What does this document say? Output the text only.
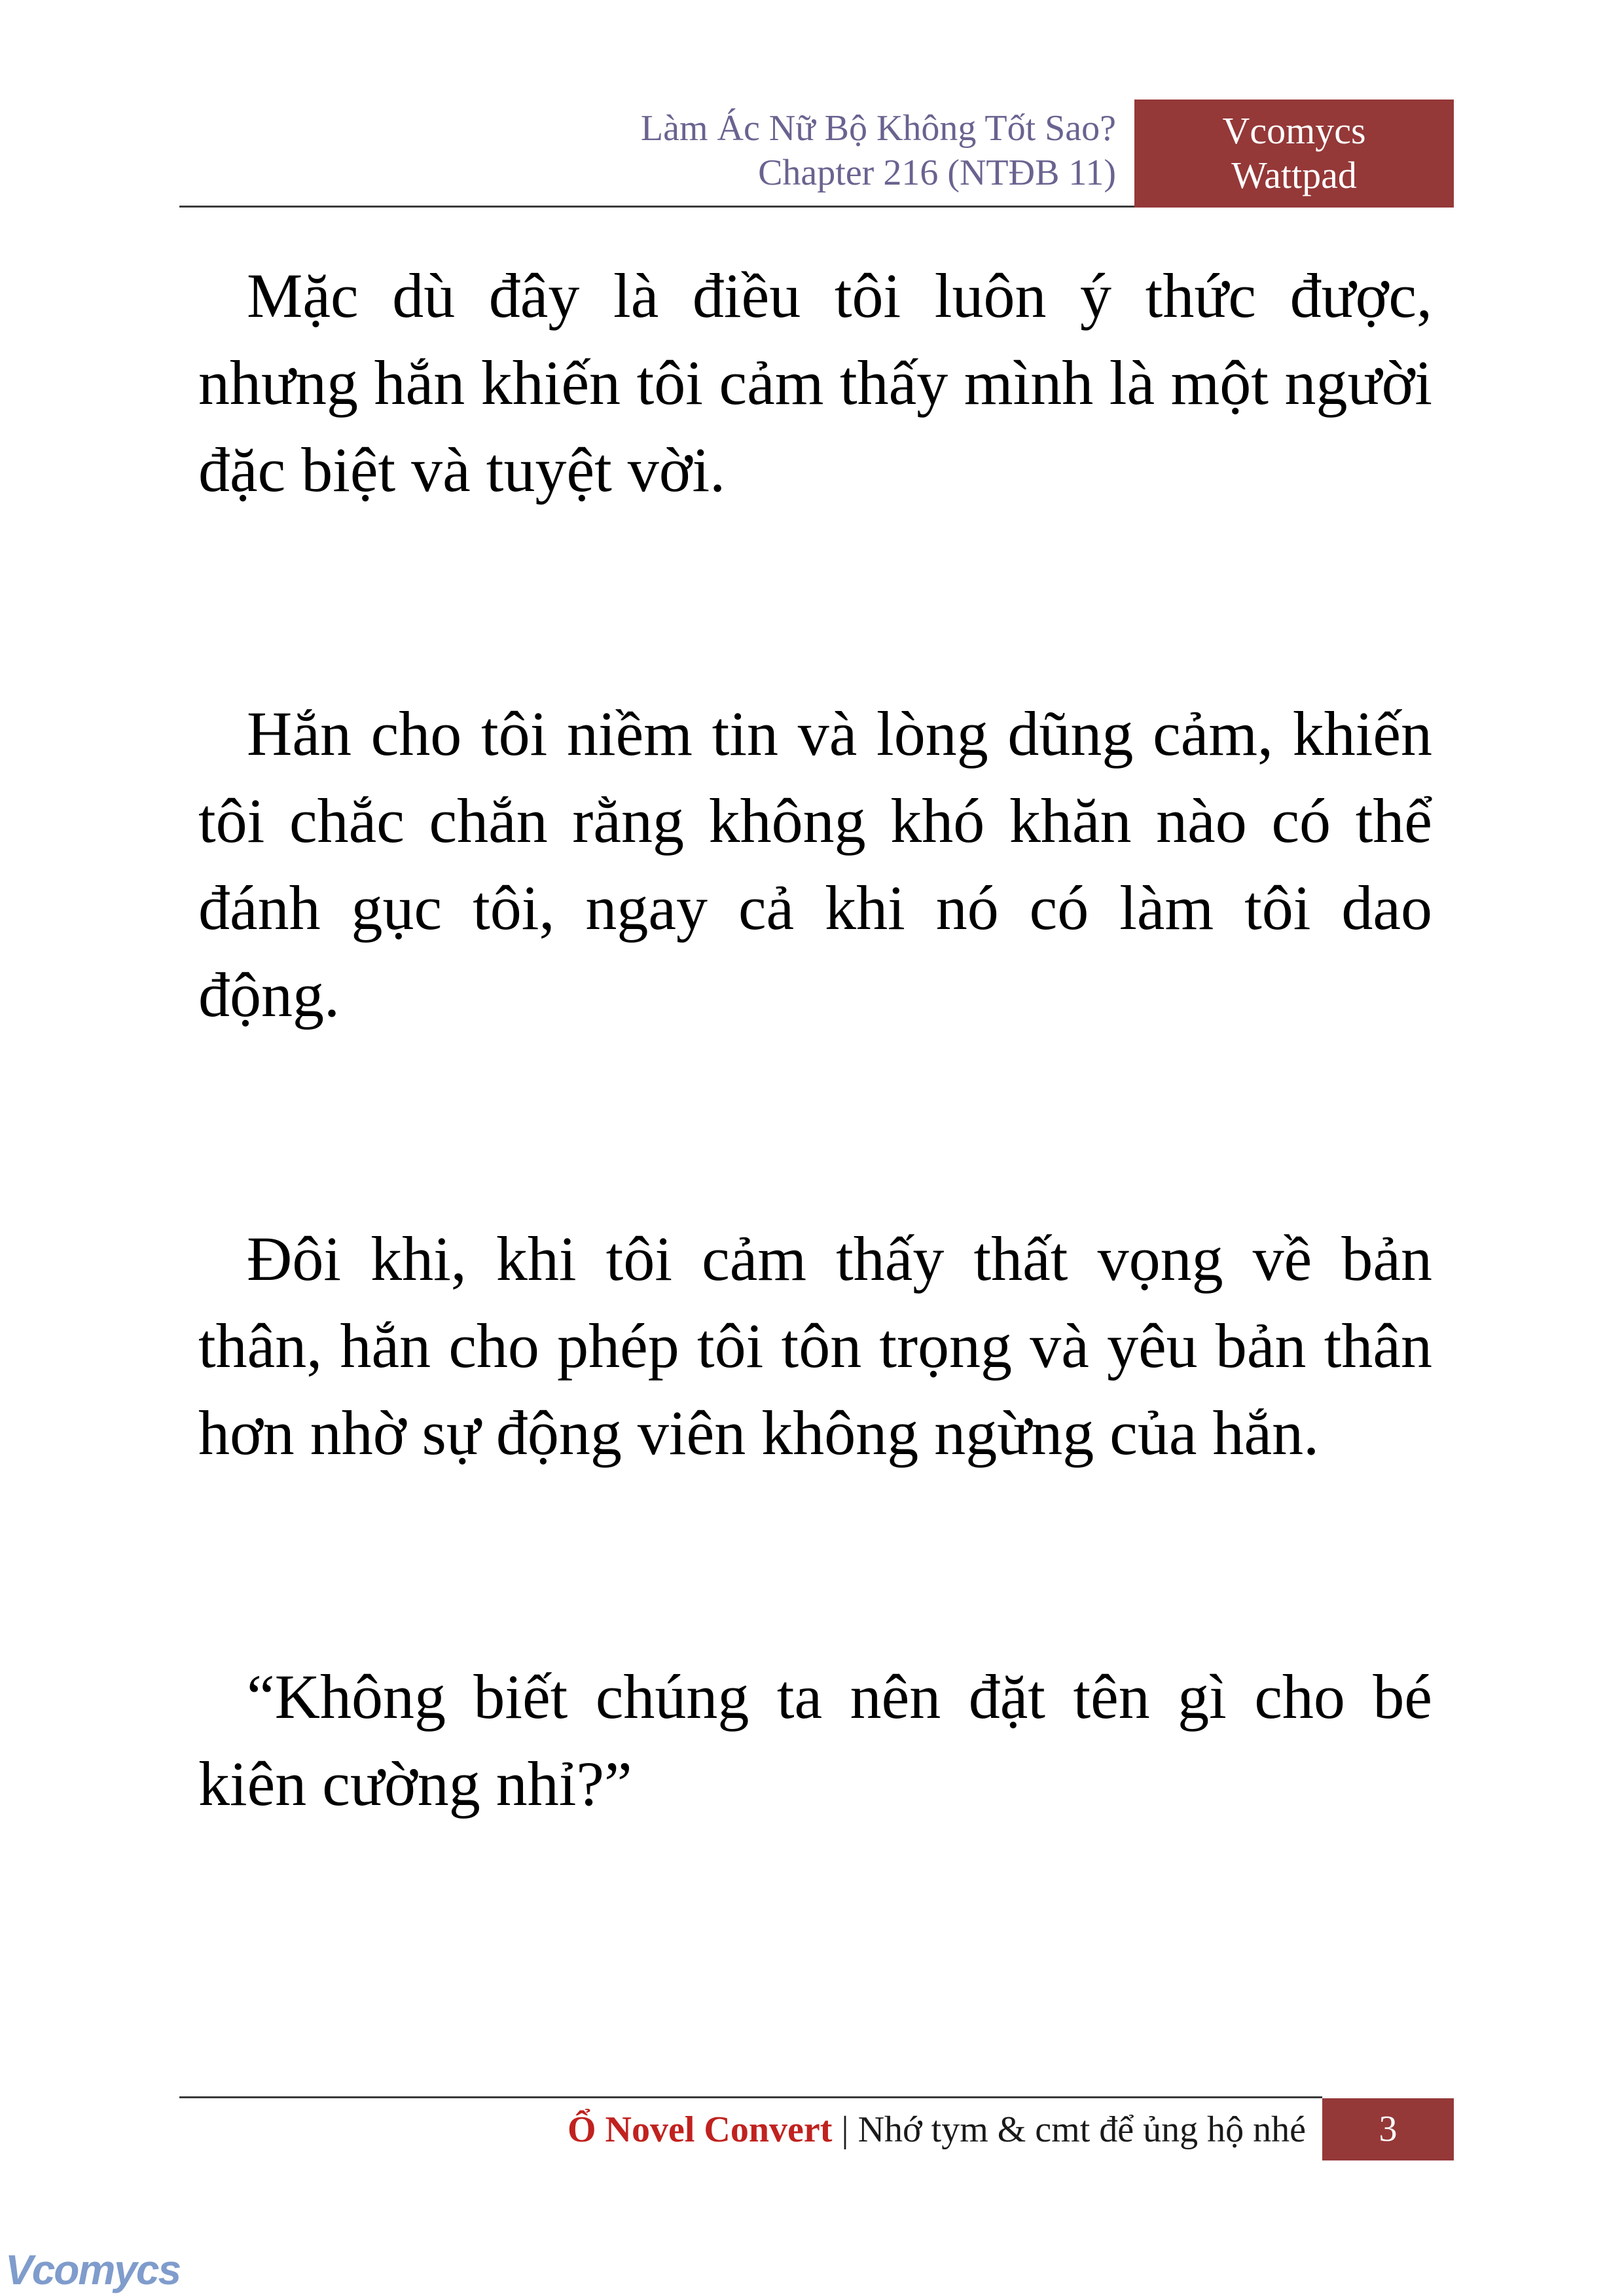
Làm Ác Nữ Bộ Không Tốt Sao?
Chapter 216 (NTĐB 11)
Vcomycs
Wattpad

Mặc dù đây là điều tôi luôn ý thức được, nhưng hắn khiến tôi cảm thấy mình là một người đặc biệt và tuyệt vời.

Hắn cho tôi niềm tin và lòng dũng cảm, khiến tôi chắc chắn rằng không khó khăn nào có thể đánh gục tôi, ngay cả khi nó có làm tôi dao động.

Đôi khi, khi tôi cảm thấy thất vọng về bản thân, hắn cho phép tôi tôn trọng và yêu bản thân hơn nhờ sự động viên không ngừng của hắn.

“Không biết chúng ta nên đặt tên gì cho bé kiên cường nhỉ?”

Ổ Novel Convert | Nhớ tym & cmt để ủng hộ nhé	3
Vcomycs
